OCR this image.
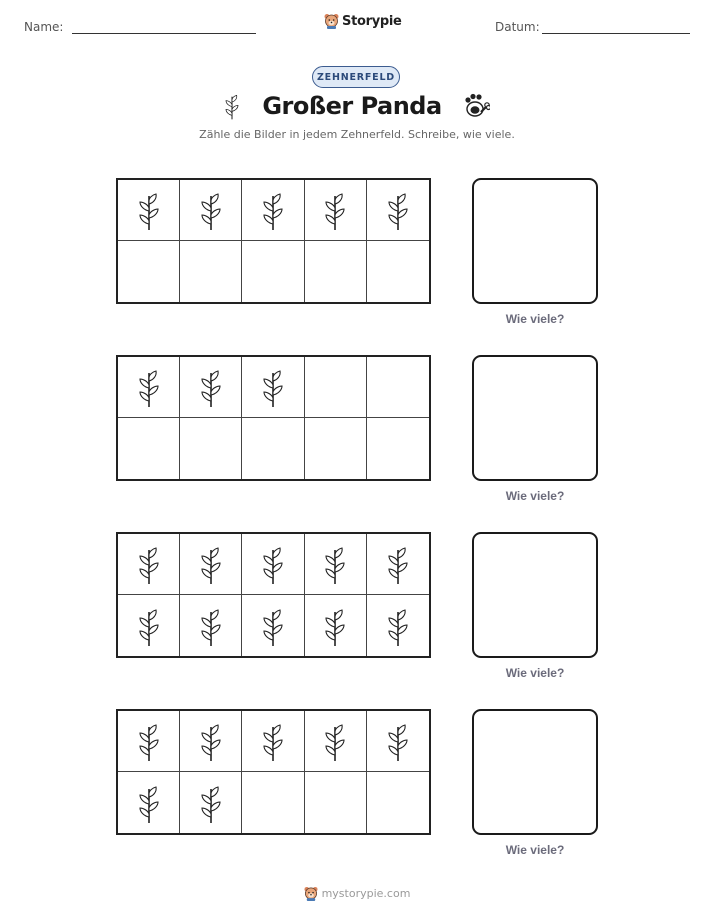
Name:	Storypie	Datum:
ZEHNERFELD
Großer Panda
Zähle die Bilder in jedem Zehnerfeld. Schreibe, wie viele.
Wie viele?
Wie viele?
Wie viele?
Wie viele?
mystorypie.com
